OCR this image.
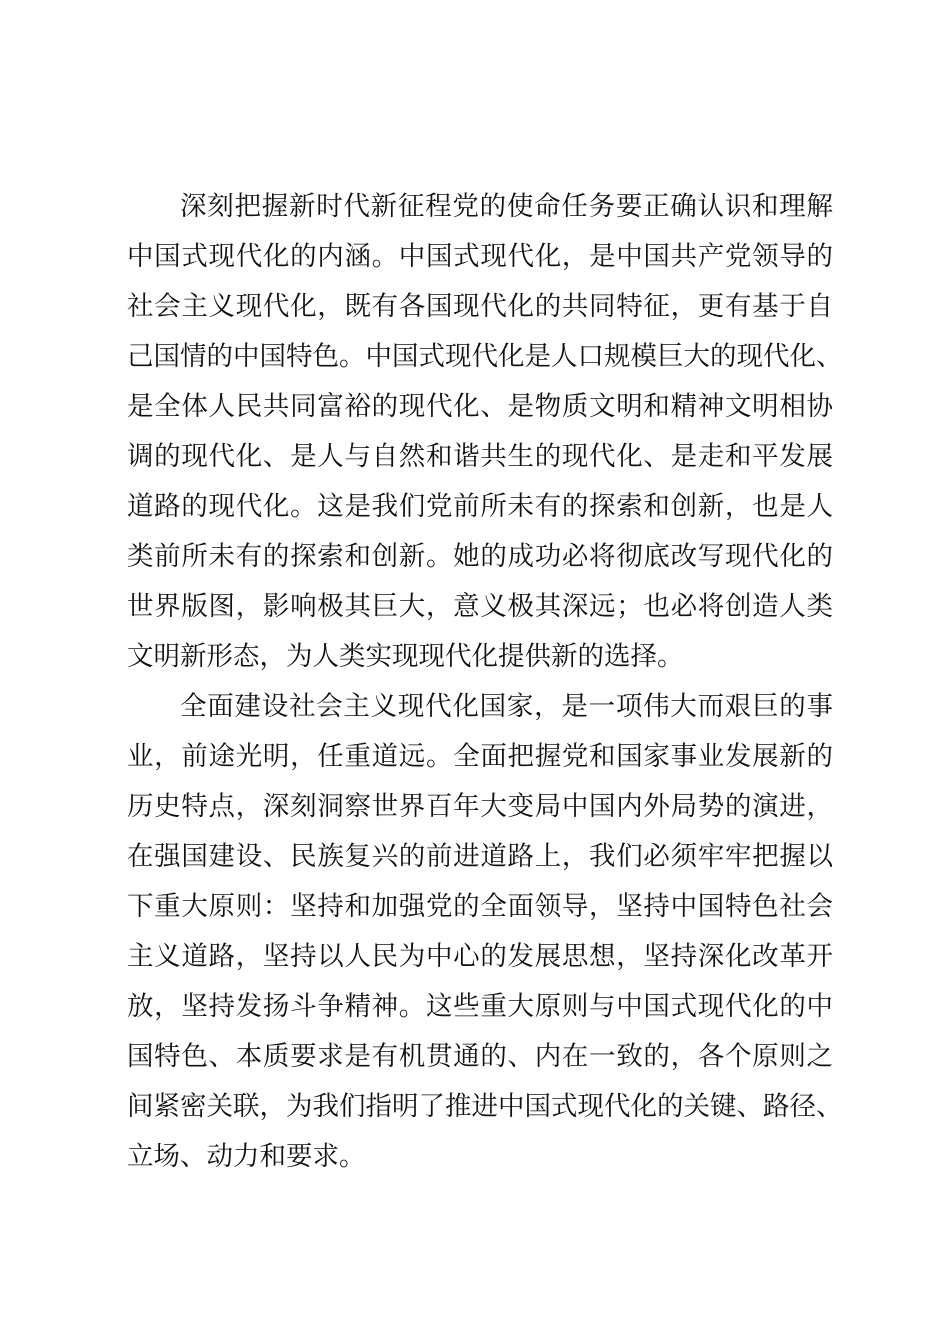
深刻把握新时代新征程党的使命任务要正确认识和理解
中国式现代化的内涵。中国式现代化，是中国共产党领导的
社会主义现代化，既有各国现代化的共同特征，更有基于自
己国情的中国特色。中国式现代化是人口规模巨大的现代化、
是全体人民共同富裕的现代化、是物质文明和精神文明相协
调的现代化、是人与自然和谐共生的现代化、是走和平发展
道路的现代化。这是我们党前所未有的探索和创新，也是人
类前所未有的探索和创新。她的成功必将彻底改写现代化的
世界版图，影响极其巨大，意义极其深远；也必将创造人类
文明新形态，为人类实现现代化提供新的选择。
全面建设社会主义现代化国家，是一项伟大而艰巨的事
业，前途光明，任重道远。全面把握党和国家事业发展新的
历史特点，深刻洞察世界百年大变局中国内外局势的演进，
在强国建设、民族复兴的前进道路上，我们必须牢牢把握以
下重大原则：坚持和加强党的全面领导，坚持中国特色社会
主义道路，坚持以人民为中心的发展思想，坚持深化改革开
放，坚持发扬斗争精神。这些重大原则与中国式现代化的中
国特色、本质要求是有机贯通的、内在一致的，各个原则之
间紧密关联，为我们指明了推进中国式现代化的关键、路径、
立场、动力和要求。
